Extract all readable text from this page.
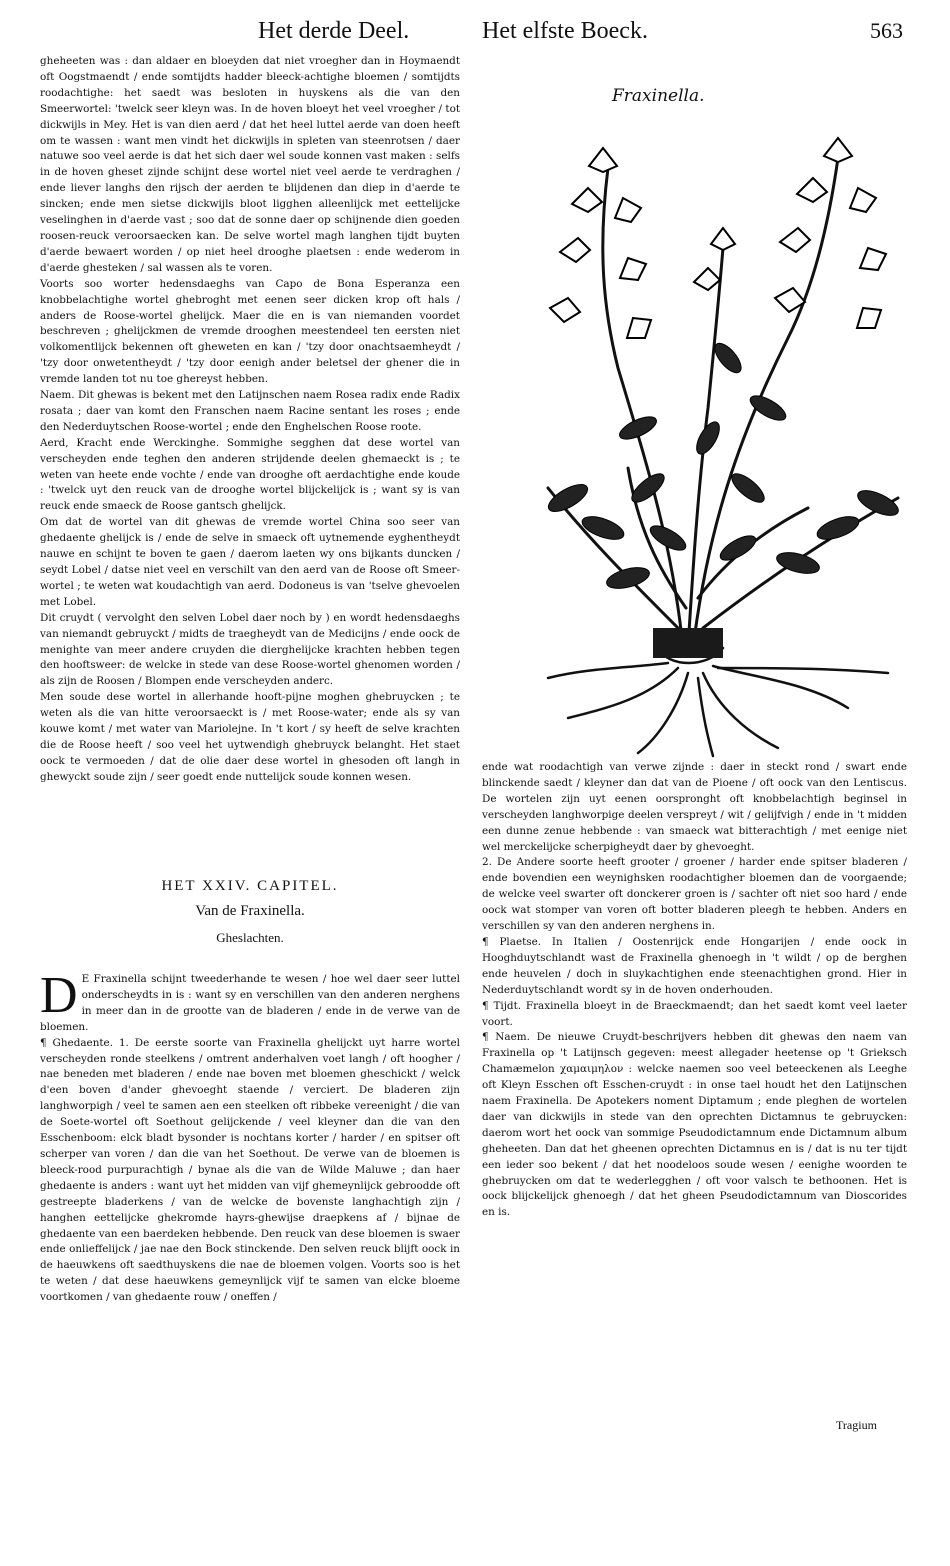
Het derde Deel.	Het elfste Boeck.	563

gheheeten was : dan aldaer en bloeyden dat niet vroegher dan in Hoymaendt oft Oogstmaendt / ende somtijdts hadder bleeck-achtighe bloemen / somtijdts roodachtighe: het saedt was besloten in huyskens als die van den Smeerwortel: 'twelck seer kleyn was. In de hoven bloeyt het veel vroegher / tot dickwijls in Mey. Het is van dien aerd / dat het heel luttel aerde van doen heeft om te wassen : want men vindt het dickwijls in spleten van steenrotsen / daer natuwe soo veel aerde is dat het sich daer wel soude konnen vast maken : selfs in de hoven gheset zijnde schijnt dese wortel niet veel aerde te verdraghen / ende liever langhs den rijsch der aerden te blijdenen dan diep in d'aerde te sincken; ende men sietse dickwijls bloot ligghen alleenlijck met eettelijcke veselinghen in d'aerde vast ; soo dat de sonne daer op schijnende dien goeden roosen-reuck veroorsaecken kan. De selve wortel magh langhen tijdt buyten d'aerde bewaert worden / op niet heel drooghe plaetsen : ende wederom in d'aerde ghesteken / sal wassen als te voren.

Voorts soo worter hedensdaeghs van Capo de Bona Esperanza een knobbelachtighe wortel ghebroght met eenen seer dicken krop oft hals / anders de Roose-wortel ghelijck. Maer die en is van niemanden voordet beschreven ; ghelijckmen de vremde drooghen meestendeel ten eersten niet volkomentlijck bekennen oft gheweten en kan / 'tzy door onachtsaemheydt / 'tzy door onwetentheydt / 'tzy door eenigh ander beletsel der ghener die in vremde landen tot nu toe ghereyst hebben.

Naem. Dit ghewas is bekent met den Latijnschen naem Rosea radix ende Radix rosata ; daer van komt den Franschen naem Racine sentant les roses ; ende den Nederduytschen Roose-wortel ; ende den Enghelschen Roose roote.

Aerd, Kracht ende Werckinghe. Sommighe segghen dat dese wortel van verscheyden ende teghen den anderen strijdende deelen ghemaeckt is ; te weten van heete ende vochte / ende van drooghe oft aerdachtighe ende koude : 'twelck uyt den reuck van de drooghe wortel blijckelijck is ; want sy is van reuck ende smaeck de Roose gantsch ghelijck.

Om dat de wortel van dit ghewas de vremde wortel China soo seer van ghedaente ghelijck is / ende de selve in smaeck oft uytnemende eyghentheydt nauwe en schijnt te boven te gaen / daerom laeten wy ons bijkants duncken / seydt Lobel / datse niet veel en verschilt van den aerd van de Roose oft Smeer-wortel ; te weten wat koudachtigh van aerd. Dodoneus is van 'tselve ghevoelen met Lobel.

Dit cruydt ( vervolght den selven Lobel daer noch by ) en wordt hedensdaeghs van niemandt gebruyckt / midts de traegheydt van de Medicijns / ende oock de menighte van meer andere cruyden die dierghelijcke krachten hebben tegen den hooftsweer: de welcke in stede van dese Roose-wortel ghenomen worden / als zijn de Roosen / Blompen ende verscheyden anderc.

Men soude dese wortel in allerhande hooft-pijne moghen ghebruycken ; te weten als die van hitte veroorsaeckt is / met Roose-water; ende als sy van kouwe komt / met water van Mariolejne. In 't kort / sy heeft de selve krachten die de Roose heeft / soo veel het uytwendigh ghebruyck belanght. Het staet oock te vermoeden / dat de olie daer dese wortel in ghesoden oft langh in ghewyckt soude zijn / seer goedt ende nuttelijck soude konnen wesen.

HET XXIV. CAPITEL.
Van de Fraxinella.
Gheslachten.

D E Fraxinella schijnt tweederhande te wesen / hoe wel daer seer luttel onderscheydts in is : want sy en verschillen van den anderen nerghens in meer dan in de grootte van de bladeren / ende in de verwe van de bloemen.

¶ Ghedaente. 1. De eerste soorte van Fraxinella ghelijckt uyt harre wortel verscheyden ronde steelkens / omtrent anderhalven voet langh / oft hoogher / nae beneden met bladeren / ende nae boven met bloemen gheschickt / welck d'een boven d'ander ghevoeght staende / verciert. De bladeren zijn langhworpigh / veel te samen aen een steelken oft ribbeke vereenight / die van de Soete-wortel oft Soethout gelijckende / veel kleyner dan die van den Esschenboom: elck bladt bysonder is nochtans korter / harder / en spitser oft scherper van voren / dan die van het Soethout. De verwe van de bloemen is bleeck-rood purpurachtigh / bynae als die van de Wilde Maluwe ; dan haer ghedaente is anders : want uyt het midden van vijf ghemeynlijck gebroodde oft gestreepte bladerkens / van de welcke de bovenste langhachtigh zijn / hanghen eettelijcke ghekromde hayrs-ghewijse draepkens af / bijnae de ghedaente van een baerdeken hebbende. Den reuck van dese bloemen is swaer ende onlieffelijck / jae nae den Bock stinckende. Den selven reuck blijft oock in de haeuwkens oft saedthuyskens die nae de bloemen volgen. Voorts soo is het te weten / dat dese haeuwkens gemeynlijck vijf te samen van elcke bloeme voortkomen / van ghedaente rouw / oneffen /

Fraxinella.

ende wat roodachtigh van verwe zijnde : daer in steckt rond / swart ende blinckende saedt / kleyner dan dat van de Pioene / oft oock van den Lentiscus. De wortelen zijn uyt eenen oorspronght oft knobbelachtigh beginsel in verscheyden langhworpige deelen verspreyt / wit / gelijfvigh / ende in 't midden een dunne zenue hebbende : van smaeck wat bitterachtigh / met eenige niet wel merckelijcke scherpigheydt daer by ghevoeght.

2. De Andere soorte heeft grooter / groener / harder ende spitser bladeren / ende bovendien een weynighsken roodachtigher bloemen dan de voorgaende; de welcke veel swarter oft donckerer groen is / sachter oft niet soo hard / ende oock wat stomper van voren oft botter bladeren pleegh te hebben. Anders en verschillen sy van den anderen nerghens in.

¶ Plaetse. In Italien / Oostenrijck ende Hongarijen / ende oock in Hooghduytschlandt wast de Fraxinella ghenoegh in 't wildt / op de berghen ende heuvelen / doch in sluykachtighen ende steenachtighen grond. Hier in Nederduytschlandt wordt sy in de hoven onderhouden.

¶ Tijdt. Fraxinella bloeyt in de Braeckmaendt; dan het saedt komt veel laeter voort.

¶ Naem. De nieuwe Cruydt-beschrijvers hebben dit ghewas den naem van Fraxinella op 't Latijnsch gegeven: meest allegader heetense op 't Grieksch Chamæmelon χαμαιμηλον : welcke naemen soo veel beteeckenen als Leeghe oft Kleyn Esschen oft Esschen-cruydt : in onse tael houdt het den Latijnschen naem Fraxinella. De Apotekers noment Diptamum ; ende pleghen de wortelen daer van dickwijls in stede van den oprechten Dictamnus te gebruycken: daerom wort het oock van sommige Pseudodictamnum ende Dictamnum album gheheeten. Dan dat het gheenen oprechten Dictamnus en is / dat is nu ter tijdt een ieder soo bekent / dat het noodeloos soude wesen / eenighe woorden te ghebruycken om dat te wederlegghen / oft voor valsch te bethoonen. Het is oock blijckelijck ghenoegh / dat het gheen Pseudodictamnum van Dioscorides en is.

Tragium
